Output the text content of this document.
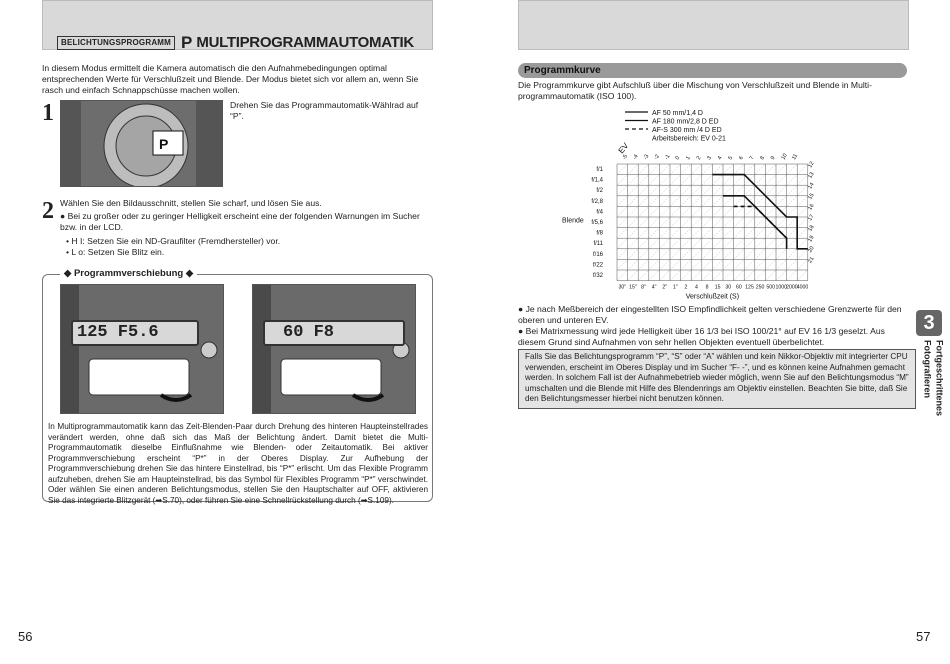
BELICHTUNGSPROGRAMM P MULTIPROGRAMMAUTOMATIK
In diesem Modus ermittelt die Kamera automatisch die den Aufnahmebedingungen optimal entsprechenden Werte für Verschlußzeit und Blende. Der Modus bietet sich vor allem an, wenn Sie rasch und einfach Schnappschüsse machen wollen.
1
P
Drehen Sie das Programmautomatik-Wählrad auf “P”.
2 Wählen Sie den Bildausschnitt, stellen Sie scharf, und lösen Sie aus.
● Bei zu großer oder zu geringer Helligkeit erscheint eine der folgenden Warnungen im Sucher bzw. in der LCD.
• H I: Setzen Sie ein ND-Graufilter (Fremdhersteller) vor.
• L o: Setzen Sie Blitz ein.
◆ Programmverschiebung ◆
125 F5.6	60 F8
In Multiprogrammautomatik kann das Zeit-Blenden-Paar durch Drehung des hinteren Haupteinstellrades verändert werden, ohne daß sich das Maß der Belichtung ändert. Damit bietet die Multi-Programmautomatik dieselbe Einflußnahme wie Blenden- oder Zeitautomatik. Bei aktiver Programmverschiebung erscheint “P*” in der Oberes Display. Zur Aufhebung der Programmverschiebung drehen Sie das hintere Einstellrad, bis “P*” erlischt. Um das Flexible Programm aufzuheben, drehen Sie am Haupteinstellrad, bis das Symbol für Flexibles Programm “P*” verschwindet. Oder wählen Sie einen anderen Belichtungsmodus, stellen Sie den Hauptschalter auf OFF, aktivieren Sie das integrierte Blitzgerät (➡S.70), oder führen Sie eine Schnellrückstellung durch (➡S.109).
56
Programmkurve
Die Programmkurve gibt Aufschluß über die Mischung von Verschlußzeit und Blende in Multi-programmautomatik (ISO 100).
AF 50 mm/1,4 D
AF 180 mm/2,8 D ED
AF-S 300 mm /4 D ED
Arbeitsbereich: EV 0-21
f/1
f/1,4
f/2
f/2,8
f/4
f/5,6
f/8
f/11
f/16
f/22
f/32
30" 15" 8" 4" 2" 1" 2 4 8 15 30 60 125 250 500 1000 2000 4000
-5 -4 -3 -2 -1 0 1 2 3 4 5 6 7 8 9 10 11
12
13
14
15
16
17
18
19
20
21
EV
Blende
Verschlußzeit (S)
● Je nach Meßbereich der eingestellten ISO Empfindlichkeit gelten verschiedene Grenzwerte für den oberen und unteren EV.
● Bei Matrixmessung wird jede Helligkeit über 16 1/3 bei ISO 100/21° auf EV 16 1/3 geselzt. Aus diesem Grund sind Aufnahmen von sehr hellen Objekten eventuell überbelichtet.
Falls Sie das Belichtungsprogramm “P”, “S” oder “A” wählen und kein Nikkor-Objektiv mit integrierter CPU verwenden, erscheint im Oberes Display und im Sucher “F- -”, und es können keine Aufnahmen gemacht werden. In solchem Fall ist der Aufnahmebetrieb wieder möglich, wenn Sie auf den Belichtungsmodus “M” umschalten und die Blende mit Hilfe des Blendenrings am Objektiv einstellen. Beachten Sie bitte, daß Sie den Belichtungsmesser hierbei nicht benutzen können.
3
Fortgeschrittenes Fotografieren
57
